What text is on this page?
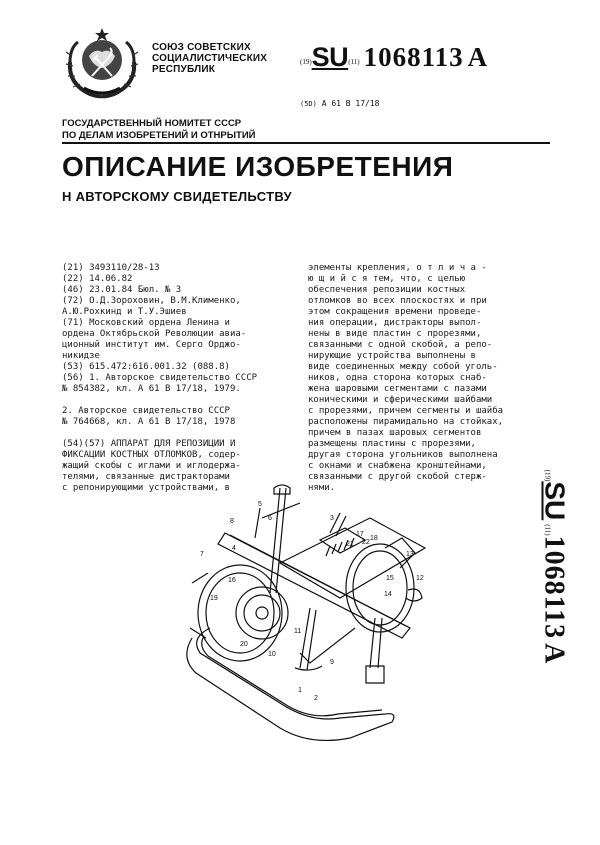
СОЮЗ СОВЕТСКИХ
СОЦИАЛИСТИЧЕСКИХ
РЕСПУБЛИК
(19)SU(11) 1068113 A
(5D) А 61 В 17/18
ГОСУДАРСТВЕННЫЙ НОМИТЕТ СССР
ПО ДЕЛАМ ИЗОБРЕТЕНИЙ И ОТНРЫТИЙ
ОПИСАНИЕ ИЗОБРЕТЕНИЯ
Н АВТОРСКОМУ СВИДЕТЕЛЬСТВУ
(21) 3493110/28-13
(22) 14.06.82
(46) 23.01.84 Бюл. № 3
(72) О.Д.Зороховин, В.М.Клименко,
А.Ю.Рохкинд и Т.У.Эшиев
(71) Московский ордена Ленина и
ордена Октябрьской Революции авиа-
ционный институт им. Серго Орджо-
никидзе
(53) 615.472:616.001.32 (088.8)
(56) 1. Авторское свидетельство СССР
№ 854382, кл. А 61 В 17/18, 1979.
2. Авторское свидетельство СССР
№ 764668, кл. А 61 В 17/18, 1978
(54)(57) АППАРАТ ДЛЯ РЕПОЗИЦИИ И
ФИКСАЦИИ КОСТНЫХ ОТЛОМКОВ, содер-
жащий скобы с иглами и иглодержа-
телями, связанные дистракторами
с репонирующими устройствами, в
элементы крепления, о т л и ч а -
ю щ и й с я тем, что, с целью
обеспечения репозиции костных
отломков во всех плоскостях и при
этом сокращения времени проведе-
ния операции, дистракторы выпол-
нены в виде пластин с прорезями,
связанными с одной скобой, а репо-
нирующие устройства выполнены в
виде соединенных между собой уголь-
ников, одна сторона которых снаб-
жена шаровыми сегментами с пазами
коническими и сферическими шайбами
с прорезями, причем сегменты и шайба
расположены пирамидально на стойках,
причем в пазах шаровых сегментов
размещены пластины с прорезями,
другая сторона угольников выполнена
с окнами и снабжена кронштейнами,
связанными с другой скобой стерж-
нями.
(19)SU (11)1068113 A
5
6
8
7
4
3
17
18
21 22
13
15
14
12
16
19
20
10
11
9
1
2
